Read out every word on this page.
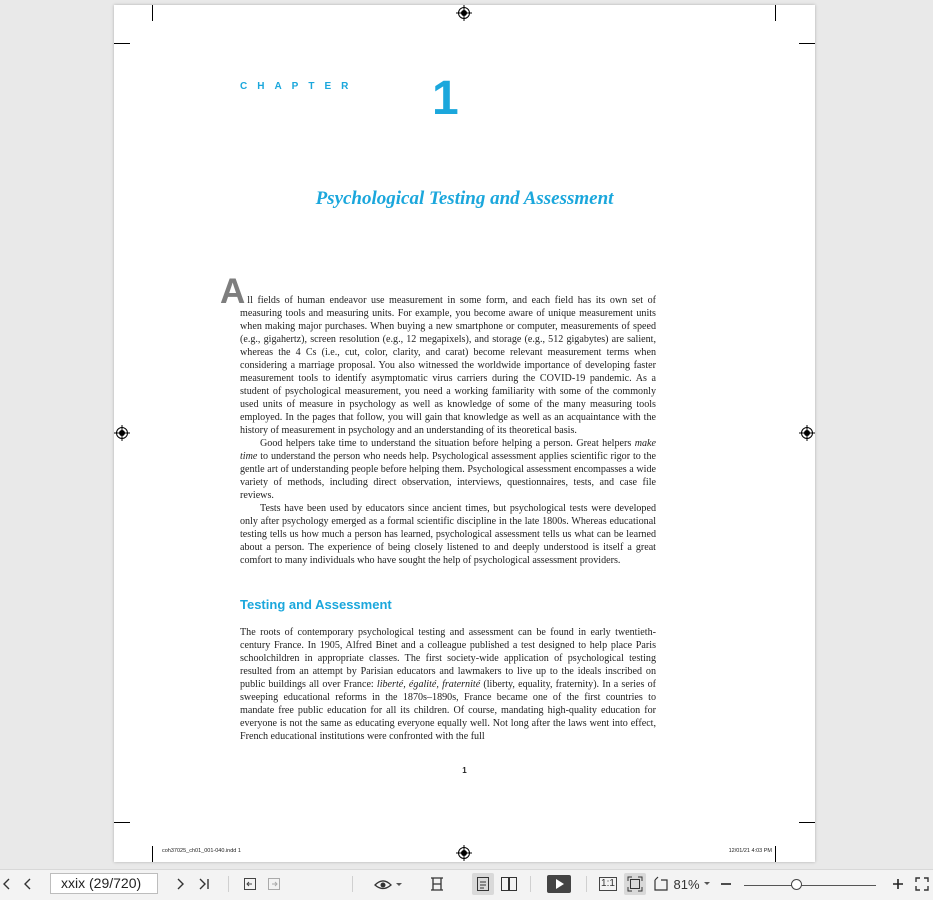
CHAPTER 1
Psychological Testing and Assessment

All fields of human endeavor use measurement in some form, and each field has its own set of measuring tools and measuring units. For example, you become aware of unique measurement units when making major purchases. When buying a new smartphone or computer, measurements of speed (e.g., gigahertz), screen resolution (e.g., 12 megapixels), and storage (e.g., 512 gigabytes) are salient, whereas the 4 Cs (i.e., cut, color, clarity, and carat) become relevant measurement terms when considering a marriage proposal. You also witnessed the worldwide importance of developing faster measurement tools to identify asymptomatic virus carriers during the COVID-19 pandemic. As a student of psychological measurement, you need a working familiarity with some of the commonly used units of measure in psychology as well as knowledge of some of the many measuring tools employed. In the pages that follow, you will gain that knowledge as well as an acquaintance with the history of measurement in psychology and an understanding of its theoretical basis.

Good helpers take time to understand the situation before helping a person. Great helpers make time to understand the person who needs help. Psychological assessment applies scientific rigor to the gentle art of understanding people before helping them. Psychological assessment encompasses a wide variety of methods, including direct observation, interviews, questionnaires, tests, and case file reviews.

Tests have been used by educators since ancient times, but psychological tests were developed only after psychology emerged as a formal scientific discipline in the late 1800s. Whereas educational testing tells us how much a person has learned, psychological assessment tells us what can be learned about a person. The experience of being closely listened to and deeply understood is itself a great comfort to many individuals who have sought the help of psychological assessment providers.

Testing and Assessment

The roots of contemporary psychological testing and assessment can be found in early twentieth-century France. In 1905, Alfred Binet and a colleague published a test designed to help place Paris schoolchildren in appropriate classes. The first society-wide application of psychological testing resulted from an attempt by Parisian educators and lawmakers to live up to the ideals inscribed on public buildings all over France: liberté, égalité, fraternité (liberty, equality, fraternity). In a series of sweeping educational reforms in the 1870s–1890s, France became one of the first countries to mandate free public education for all its children. Of course, mandating high-quality education for everyone is not the same as educating everyone equally well. Not long after the laws went into effect, French educational institutions were confronted with the full

1
coh37025_ch01_001-040.indd 1	12/01/21 4:03 PM
xxix (29/720)	1:1	81%
